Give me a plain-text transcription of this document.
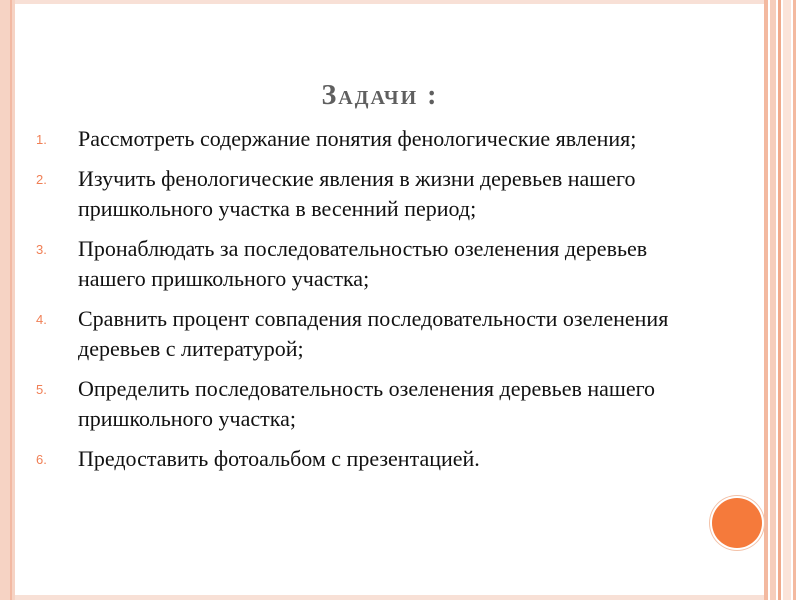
Задачи :
1.	Рассмотреть содержание понятия фенологические явления;
2.	Изучить фенологические явления в жизни деревьев нашего пришкольного участка в весенний период;
3.	Пронаблюдать за последовательностью озеленения деревьев нашего пришкольного участка;
4.	Сравнить процент совпадения последовательности озеленения деревьев с литературой;
5.	Определить последовательность озеленения деревьев нашего пришкольного участка;
6.	Предоставить фотоальбом с презентацией.
